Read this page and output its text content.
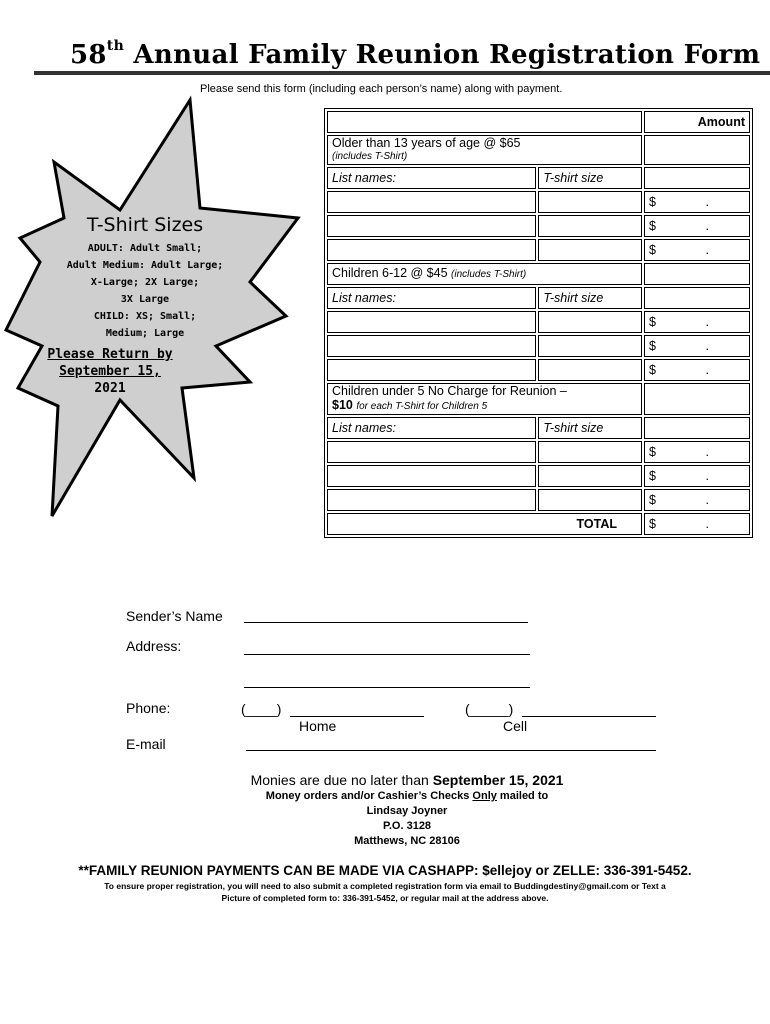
58th Annual Family Reunion Registration Form
Please send this form (including each person’s name) along with payment.
T-Shirt Sizes
ADULT: Adult Small;
Adult Medium: Adult Large;
X-Large; 2X Large;
3X Large
CHILD: XS; Small;
Medium; Large
Please Return by
September 15,
2021
		Amount

Older than 13 years of age @ $65
(includes T-Shirt)		

List names:	T-shirt size	

		$ .

		$ .

		$ .

Children 6-12 @ $45 (includes T-Shirt)		
List names:	T-shirt size	

		$ .

		$ .

		$ .

Children under 5 No Charge for Reunion –
$10 for each T-Shirt for Children 5		

List names:	T-shirt size	

		$ .

		$ .

		$ .

TOTAL		$ .
Sender’s Name
Address:
Phone:	(____)	(_____)
Home	Cell
E-mail
Monies are due no later than September 15, 2021
Money orders and/or Cashier’s Checks Only mailed to
Lindsay Joyner
P.O. 3128
Matthews, NC 28106
**FAMILY REUNION PAYMENTS CAN BE MADE VIA CASHAPP: $ellejoy or ZELLE: 336-391-5452.
To ensure proper registration, you will need to also submit a completed registration form via email to Buddingdestiny@gmail.com or Text a
Picture of completed form to: 336-391-5452, or regular mail at the address above.
